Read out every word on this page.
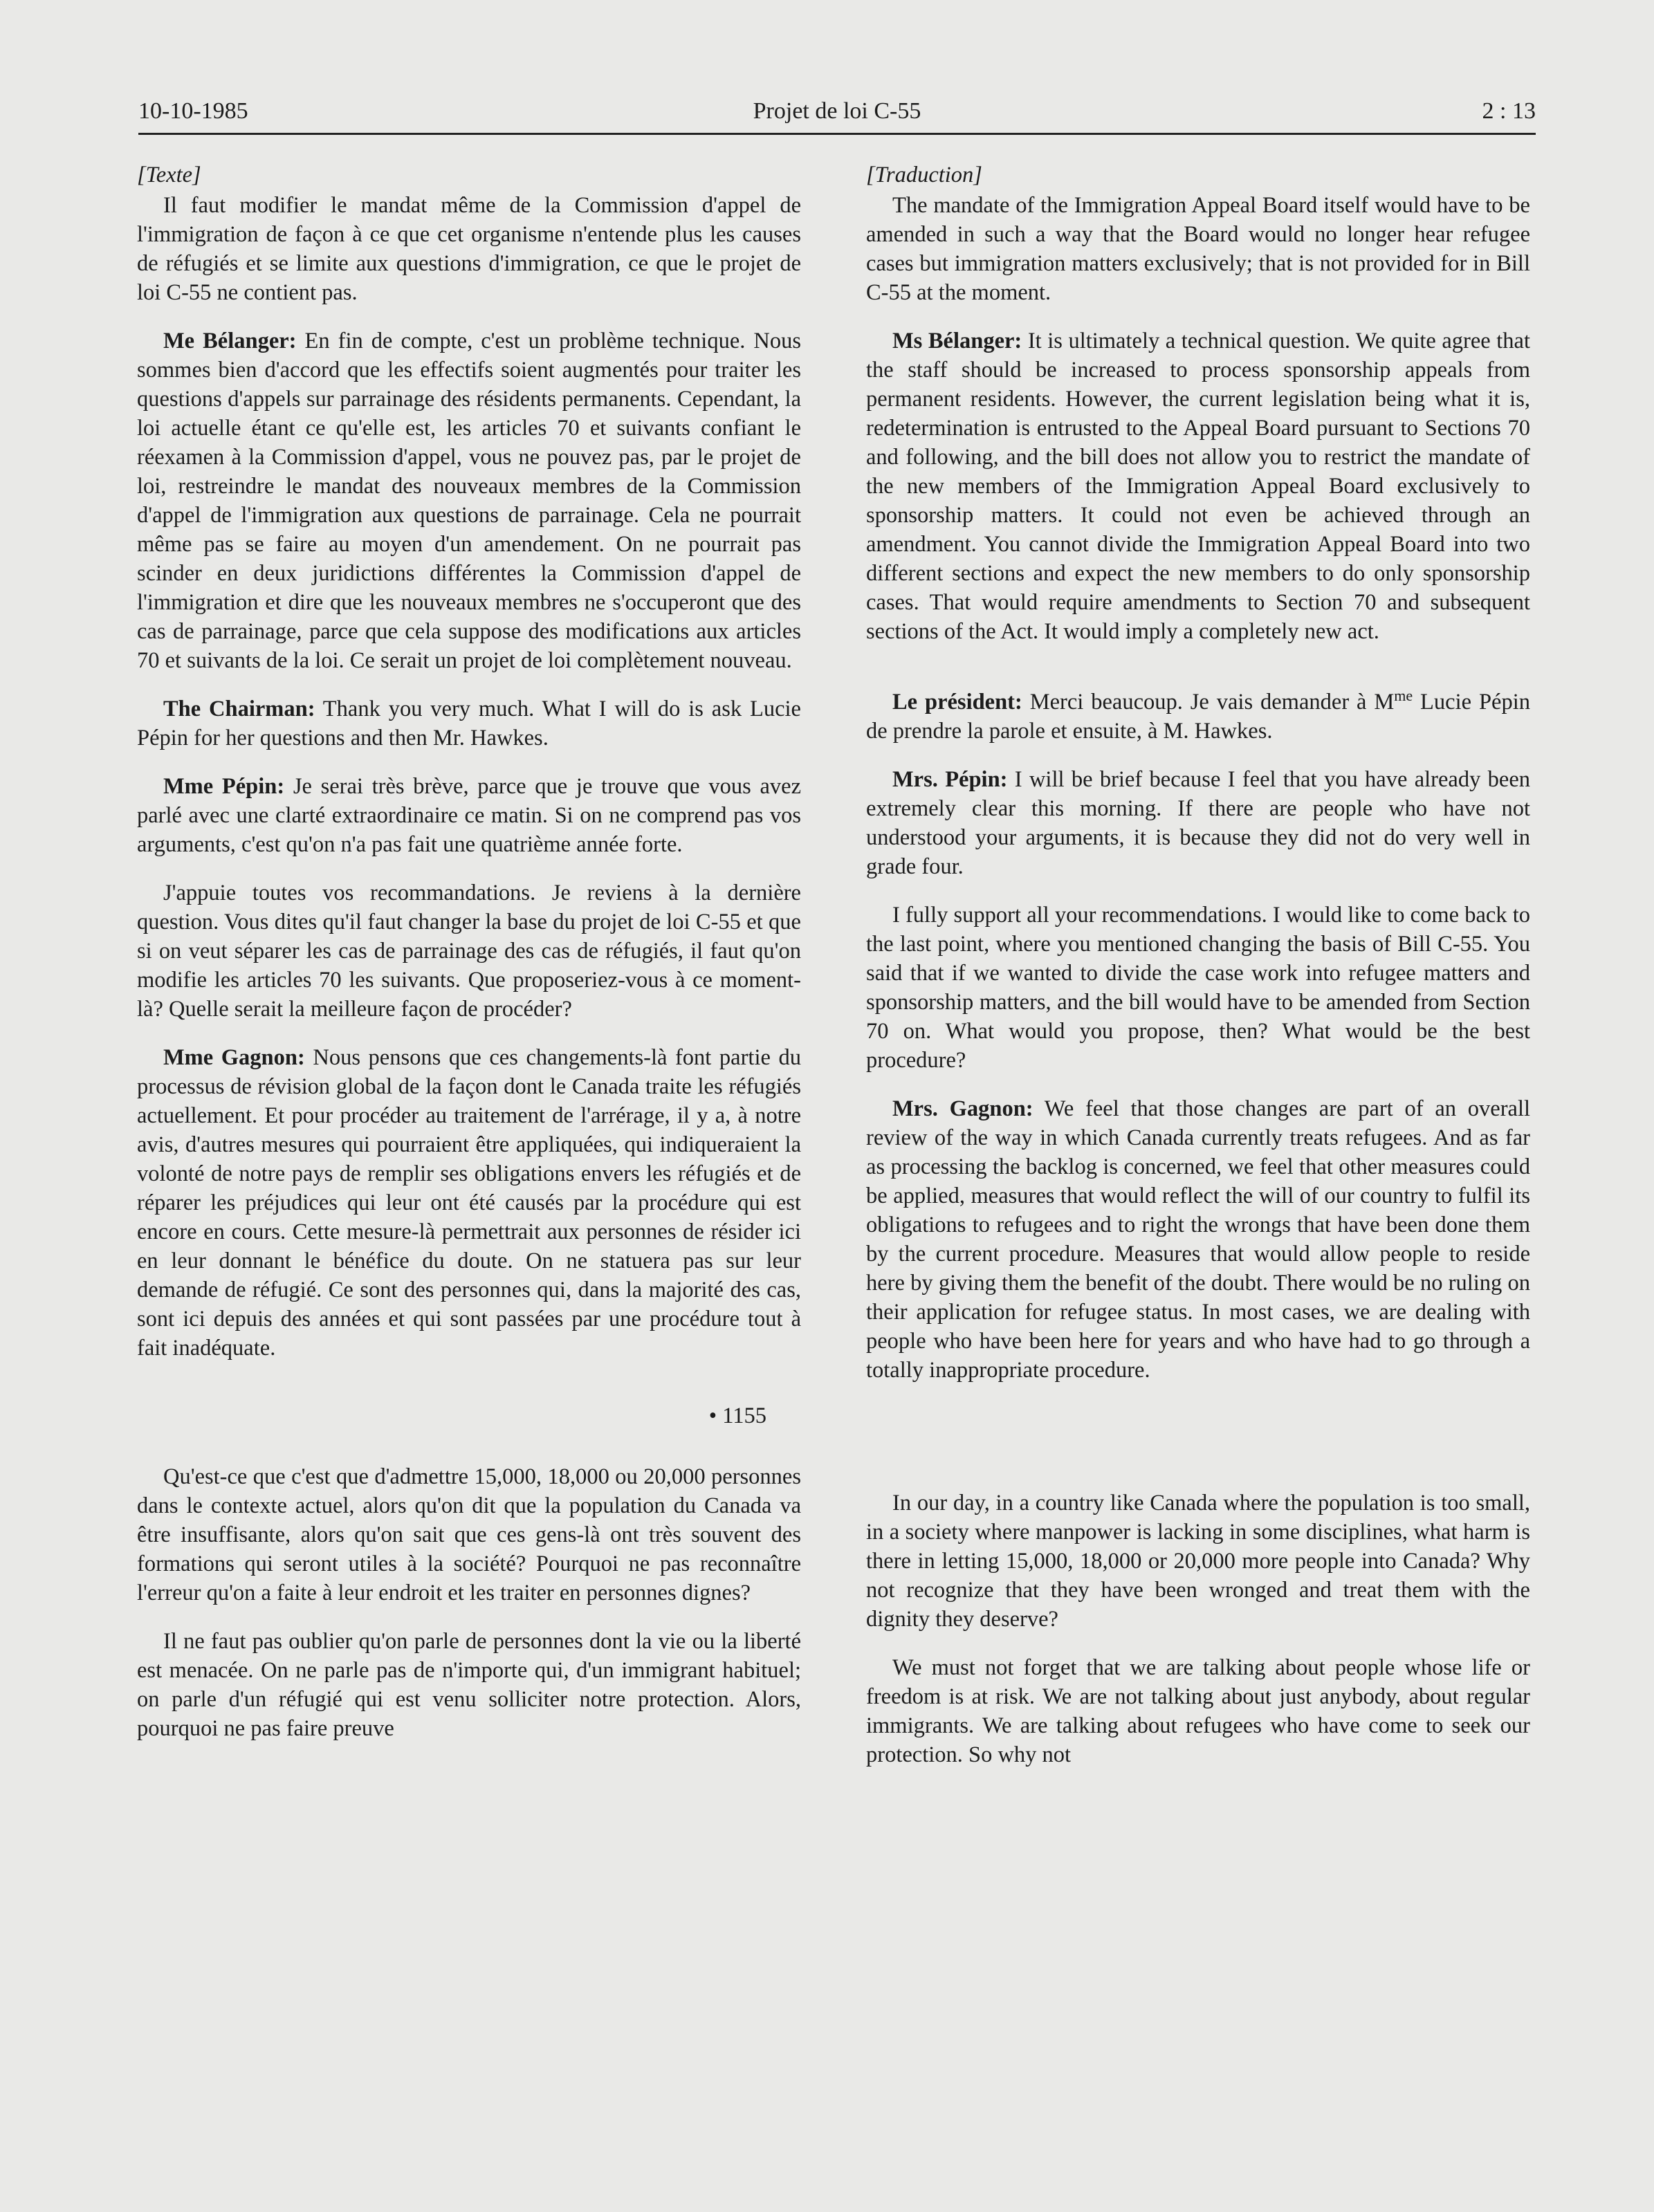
10-10-1985	Projet de loi C-55	2 : 13

[Texte]

Il faut modifier le mandat même de la Commission d'appel de l'immigration de façon à ce que cet organisme n'entende plus les causes de réfugiés et se limite aux questions d'immigration, ce que le projet de loi C-55 ne contient pas.

Me Bélanger: En fin de compte, c'est un problème technique. Nous sommes bien d'accord que les effectifs soient augmentés pour traiter les questions d'appels sur parrainage des résidents permanents. Cependant, la loi actuelle étant ce qu'elle est, les articles 70 et suivants confiant le réexamen à la Commission d'appel, vous ne pouvez pas, par le projet de loi, restreindre le mandat des nouveaux membres de la Commission d'appel de l'immigration aux questions de parrainage. Cela ne pourrait même pas se faire au moyen d'un amendement. On ne pourrait pas scinder en deux juridictions différentes la Commission d'appel de l'immigration et dire que les nouveaux membres ne s'occuperont que des cas de parrainage, parce que cela suppose des modifications aux articles 70 et suivants de la loi. Ce serait un projet de loi complètement nouveau.

The Chairman: Thank you very much. What I will do is ask Lucie Pépin for her questions and then Mr. Hawkes.

Mme Pépin: Je serai très brève, parce que je trouve que vous avez parlé avec une clarté extraordinaire ce matin. Si on ne comprend pas vos arguments, c'est qu'on n'a pas fait une quatrième année forte.

J'appuie toutes vos recommandations. Je reviens à la dernière question. Vous dites qu'il faut changer la base du projet de loi C-55 et que si on veut séparer les cas de parrainage des cas de réfugiés, il faut qu'on modifie les articles 70 les suivants. Que proposeriez-vous à ce moment-là? Quelle serait la meilleure façon de procéder?

Mme Gagnon: Nous pensons que ces changements-là font partie du processus de révision global de la façon dont le Canada traite les réfugiés actuellement. Et pour procéder au traitement de l'arrérage, il y a, à notre avis, d'autres mesures qui pourraient être appliquées, qui indiqueraient la volonté de notre pays de remplir ses obligations envers les réfugiés et de réparer les préjudices qui leur ont été causés par la procédure qui est encore en cours. Cette mesure-là permettrait aux personnes de résider ici en leur donnant le bénéfice du doute. On ne statuera pas sur leur demande de réfugié. Ce sont des personnes qui, dans la majorité des cas, sont ici depuis des années et qui sont passées par une procédure tout à fait inadéquate.

• 1155

Qu'est-ce que c'est que d'admettre 15,000, 18,000 ou 20,000 personnes dans le contexte actuel, alors qu'on dit que la population du Canada va être insuffisante, alors qu'on sait que ces gens-là ont très souvent des formations qui seront utiles à la société? Pourquoi ne pas reconnaître l'erreur qu'on a faite à leur endroit et les traiter en personnes dignes?

Il ne faut pas oublier qu'on parle de personnes dont la vie ou la liberté est menacée. On ne parle pas de n'importe qui, d'un immigrant habituel; on parle d'un réfugié qui est venu solliciter notre protection. Alors, pourquoi ne pas faire preuve

[Traduction]

The mandate of the Immigration Appeal Board itself would have to be amended in such a way that the Board would no longer hear refugee cases but immigration matters exclusively; that is not provided for in Bill C-55 at the moment.

Ms Bélanger: It is ultimately a technical question. We quite agree that the staff should be increased to process sponsorship appeals from permanent residents. However, the current legislation being what it is, redetermination is entrusted to the Appeal Board pursuant to Sections 70 and following, and the bill does not allow you to restrict the mandate of the new members of the Immigration Appeal Board exclusively to sponsorship matters. It could not even be achieved through an amendment. You cannot divide the Immigration Appeal Board into two different sections and expect the new members to do only sponsorship cases. That would require amendments to Section 70 and subsequent sections of the Act. It would imply a completely new act.

Le président: Merci beaucoup. Je vais demander à $M^{me}$ Lucie Pépin de prendre la parole et ensuite, à M. Hawkes.

Mrs. Pépin: I will be brief because I feel that you have already been extremely clear this morning. If there are people who have not understood your arguments, it is because they did not do very well in grade four.

I fully support all your recommendations. I would like to come back to the last point, where you mentioned changing the basis of Bill C-55. You said that if we wanted to divide the case work into refugee matters and sponsorship matters, and the bill would have to be amended from Section 70 on. What would you propose, then? What would be the best procedure?

Mrs. Gagnon: We feel that those changes are part of an overall review of the way in which Canada currently treats refugees. And as far as processing the backlog is concerned, we feel that other measures could be applied, measures that would reflect the will of our country to fulfil its obligations to refugees and to right the wrongs that have been done them by the current procedure. Measures that would allow people to reside here by giving them the benefit of the doubt. There would be no ruling on their application for refugee status. In most cases, we are dealing with people who have been here for years and who have had to go through a totally inappropriate procedure.

In our day, in a country like Canada where the population is too small, in a society where manpower is lacking in some disciplines, what harm is there in letting 15,000, 18,000 or 20,000 more people into Canada? Why not recognize that they have been wronged and treat them with the dignity they deserve?

We must not forget that we are talking about people whose life or freedom is at risk. We are not talking about just anybody, about regular immigrants. We are talking about refugees who have come to seek our protection. So why not
